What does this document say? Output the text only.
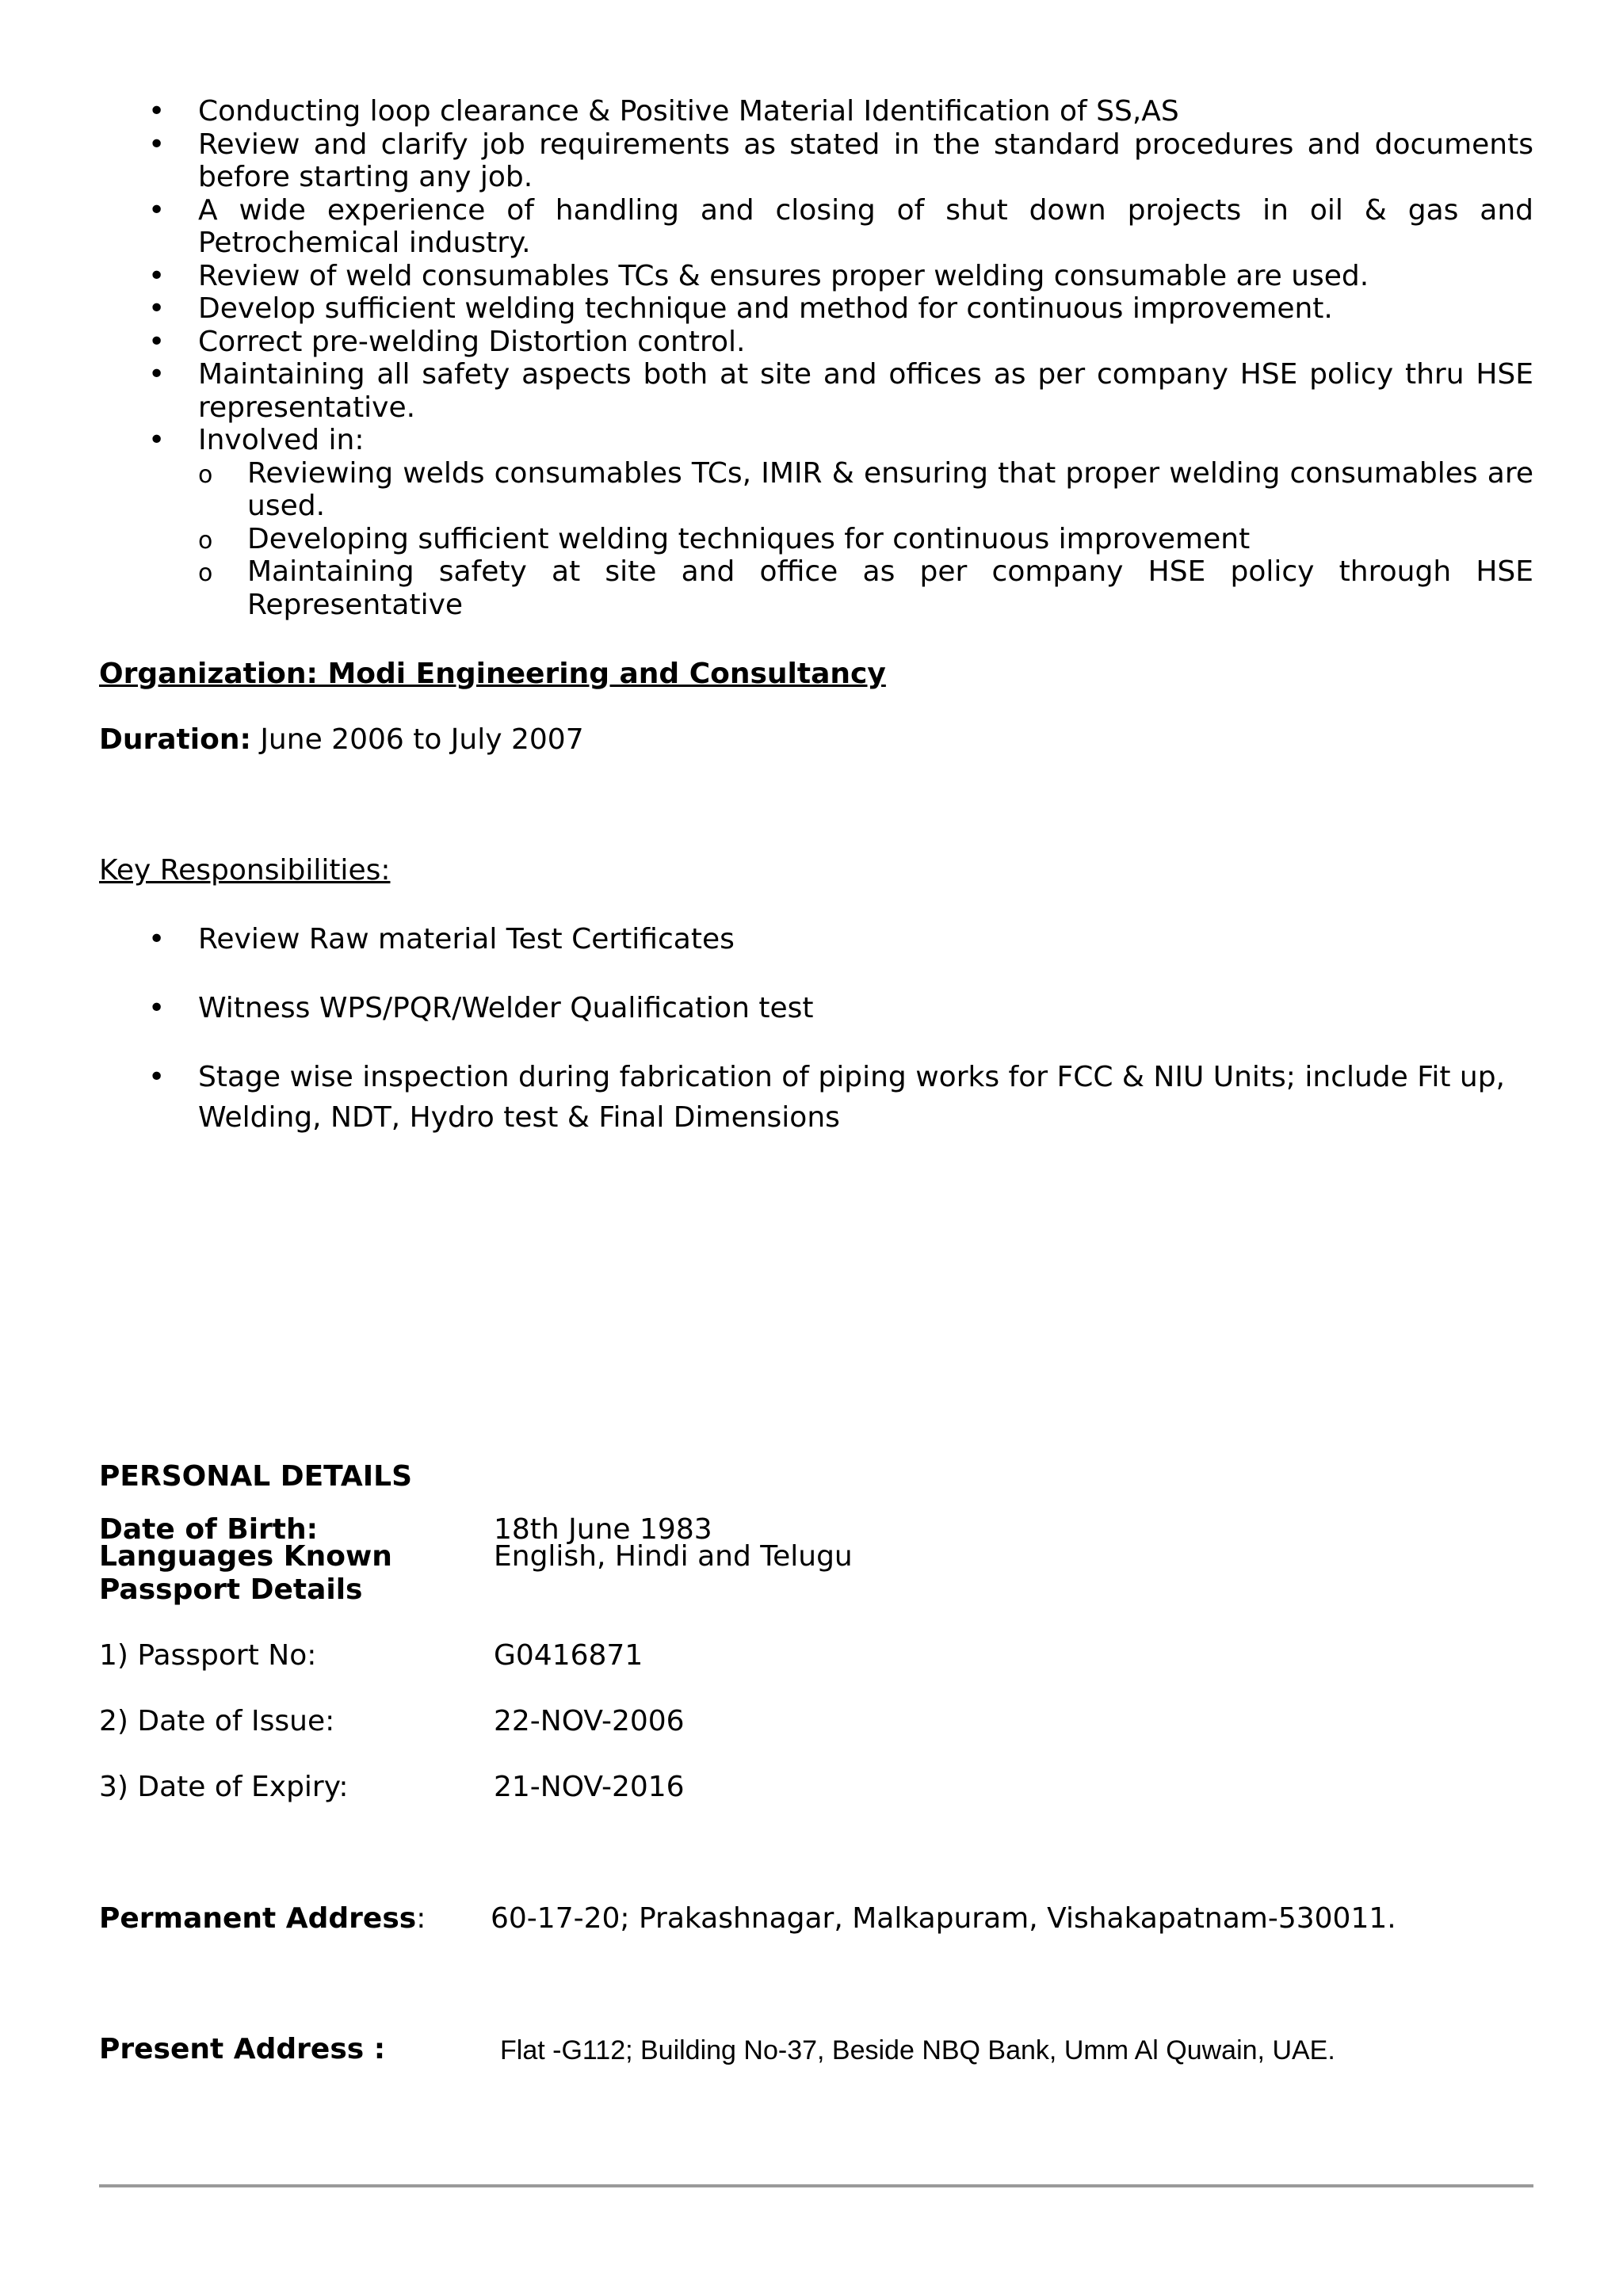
• Conducting loop clearance & Positive Material Identification of SS,AS
• Review and clarify job requirements as stated in the standard procedures and documents before starting any job.
• A wide experience of handling and closing of shut down projects in oil & gas and Petrochemical industry.
• Review of weld consumables TCs & ensures proper welding consumable are used.
• Develop sufficient welding technique and method for continuous improvement.
• Correct pre-welding Distortion control.
• Maintaining all safety aspects both at site and offices as per company HSE policy thru HSE representative.
• Involved in:
o Reviewing welds consumables TCs, IMIR & ensuring that proper welding consumables are used.
o Developing sufficient welding techniques for continuous improvement
o Maintaining safety at site and office as per company HSE policy through HSE Representative
Organization: Modi Engineering and Consultancy
Duration: June 2006 to July 2007
Key Responsibilities:
• Review Raw material Test Certificates
• Witness WPS/PQR/Welder Qualification test
• Stage wise inspection during fabrication of piping works for FCC & NIU Units; include Fit up, Welding, NDT, Hydro test & Final Dimensions
PERSONAL DETAILS
Date of Birth:	18th June 1983
Languages Known	English, Hindi and Telugu
Passport Details
1) Passport No:	G0416871
2) Date of Issue:	22-NOV-2006
3) Date of Expiry:	21-NOV-2016
Permanent Address: 60-17-20; Prakashnagar, Malkapuram, Vishakapatnam-530011.
Present Address :	Flat -G112; Building No-37, Beside NBQ Bank, Umm Al Quwain, UAE.
